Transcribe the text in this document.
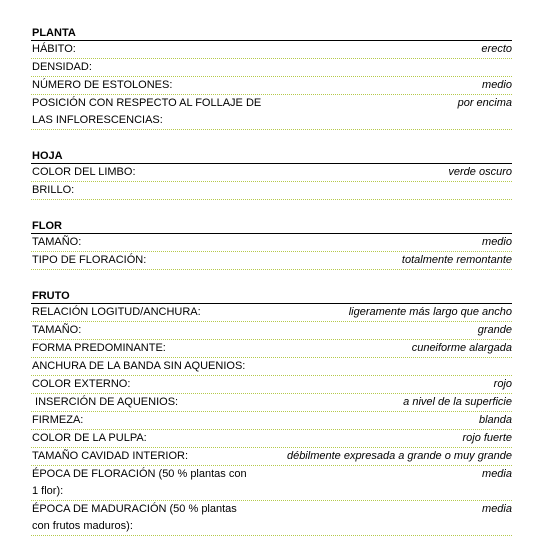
PLANTA
HÁBITO:	erecto
DENSIDAD:
NÚMERO DE ESTOLONES:	medio
POSICIÓN CON RESPECTO AL FOLLAJE DE LAS INFLORESCENCIAS:
por encima
HOJA
COLOR DEL LIMBO:	verde oscuro
BRILLO:
FLOR
TAMAÑO:	medio
TIPO DE FLORACIÓN:	totalmente remontante
FRUTO
RELACIÓN LOGITUD/ANCHURA:	ligeramente más largo que ancho
TAMAÑO:	grande
FORMA PREDOMINANTE:	cuneiforme alargada
ANCHURA DE LA BANDA SIN AQUENIOS:
COLOR EXTERNO:	rojo
INSERCIÓN DE AQUENIOS:	a nivel de la superficie
FIRMEZA:	blanda
COLOR DE LA PULPA:	rojo fuerte
TAMAÑO CAVIDAD INTERIOR:	débilmente expresada a grande o muy grande
ÉPOCA DE FLORACIÓN (50 % plantas con 1 flor):
media
ÉPOCA DE MADURACIÓN (50 % plantas con frutos maduros):
media
